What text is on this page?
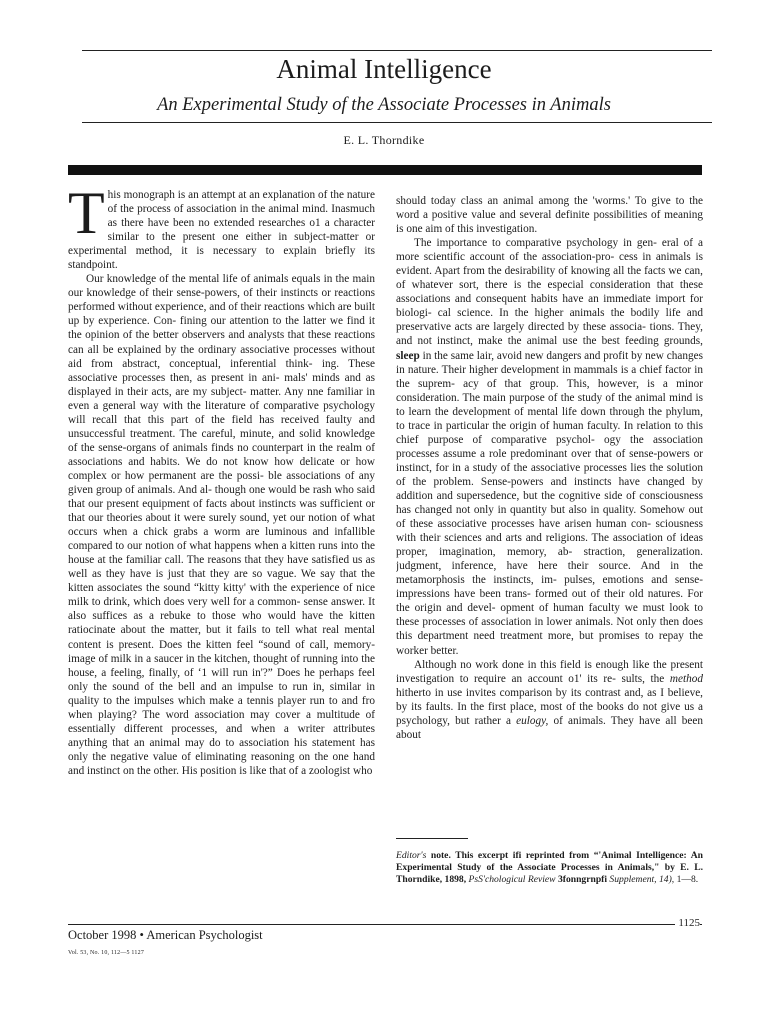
Animal Intelligence
An Experimental Study of the Associate Processes in Animals
E. L. Thorndike

This monograph is an attempt at an explanation of the nature of the process of association in the animal mind. Inasmuch as there have been no extended researches o1 a character similar to the present one either in subject-matter or experimental method, it is necessary to explain briefly its standpoint.

Our knowledge of the mental life of animals equals in the main our knowledge of their sense-powers, of their instincts or reactions performed without experience, and of their reactions which are built up by experience. Con- fining our attention to the latter we find it the opinion of the better observers and analysts that these reactions can all be explained by the ordinary associative processes without aid from abstract, conceptual, inferential think- ing. These associative processes then, as present in ani- mals' minds and as displayed in their acts, are my subject- matter. Any nne familiar in even a general way with the literature of comparative psychology will recall that this part of the field has received faulty and unsuccessful treatment. The careful, minute, and solid knowledge of the sense-organs of animals finds no counterpart in the realm of associations and habits. We do not know how delicate or how complex or how permanent are the possi- ble associations of any given group of animals. And al- though one would be rash who said that our present equipment of facts about instincts was sufficient or that our theories about it were surely sound, yet our notion of what occurs when a chick grabs a worm are luminous and infallible compared to our notion of what happens when a kitten runs into the house at the familiar call. The reasons that they have satisfied us as well as they have is just that they are so vague. We say that the kitten associates the sound “kitty kitty' with the experience of nice milk to drink, which does very well for a common- sense answer. It also suffices as a rebuke to those who would have the kitten ratiocinate about the matter, but it fails to tell what real mental content is present. Does the kitten feel “sound of call, memory-image of milk in a saucer in the kitchen, thought of running into the house, a feeling, finally, of ‘1 will run in'?” Does he perhaps feel only the sound of the bell and an impulse to run in, similar in quality to the impulses which make a tennis player run to and fro when playing? The word association may cover a multitude of essentially different processes, and when a writer attributes anything that an animal may do to association his statement has only the negative value of eliminating reasoning on the one hand and instinct on the other. His position is like that of a zoologist who

should today class an animal among the 'worms.' To give to the word a positive value and several definite possibilities of meaning is one aim of this investigation.

The importance to comparative psychology in gen- eral of a more scientific account of the association-pro- cess in animals is evident. Apart from the desirability of knowing all the facts we can, of whatever sort, there is the especial consideration that these associations and consequent habits have an immediate import for biologi- cal science. In the higher animals the bodily life and preservative acts are largely directed by these associa- tions. They, and not instinct, make the animal use the best feeding grounds, sleep in the same lair, avoid new dangers and profit by new changes in nature. Their higher development in mammals is a chief factor in the suprem- acy of that group. This, however, is a minor consideration. The main purpose of the study of the animal mind is to learn the development of mental life down through the phylum, to trace in particular the origin of human faculty. In relation to this chief purpose of comparative psychol- ogy the association processes assume a role predominant over that of sense-powers or instinct, for in a study of the associative processes lies the solution of the problem. Sense-powers and instincts have changed by addition and supersedence, but the cognitive side of consciousness has changed not only in quantity but also in quality. Somehow out of these associative processes have arisen human con- sciousness with their sciences and arts and religions. The association of ideas proper, imagination, memory, ab- straction, generalization. judgment, inference, have here their source. And in the metamorphosis the instincts, im- pulses, emotions and sense-impressions have been trans- formed out of their old natures. For the origin and devel- opment of human faculty we must look to these processes of association in lower animals. Not only then does this department need treatment more, but promises to repay the worker better.

Although no work done in this field is enough like the present investigation to require an account o1' its re- sults, the method hitherto in use invites comparison by its contrast and, as I believe, by its faults. In the first place, most of the books do not give us a psychology, but rather a eulogy, of animals. They have all been about

Editor's note. This excerpt ifi reprinted from “'Animal Intelligence: An Experimental Study of the Associate Processes in Animals," by E. L. Thorndike, 1898, PsS'chologicul Review 3fonngrnpfi Supplement, 14), 1—8.
1125
October 1998 • American Psychologist
Vol. 53, No. 10, 112—5 1127
